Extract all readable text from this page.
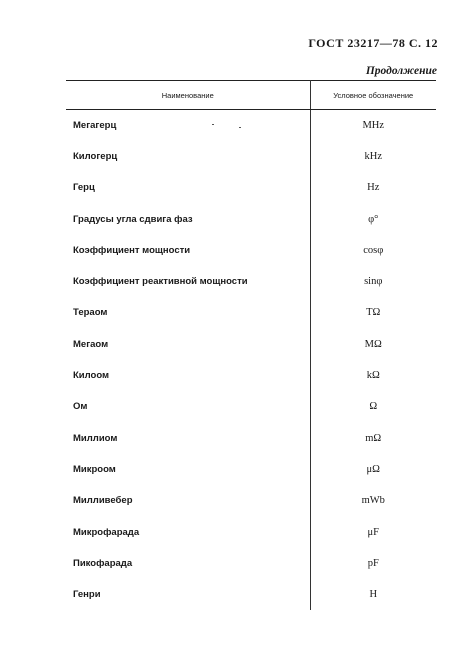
ГОСТ 23217—78 С. 12
Продолжение
Наименование	Условное обозначение
Мегагерц	MHz
Килогерц	kHz
Герц	Hz
Градусы угла сдвига фаз	φ°
Коэффициент мощности	cosφ
Коэффициент реактивной мощности	sinφ
Тераом	TΩ
Мегаом	MΩ
Килоом	kΩ
Ом	Ω
Миллиом	mΩ
Микроом	μΩ
Милливебер	mWb
Микрофарада	μF
Пикофарада	pF
Генри	H
